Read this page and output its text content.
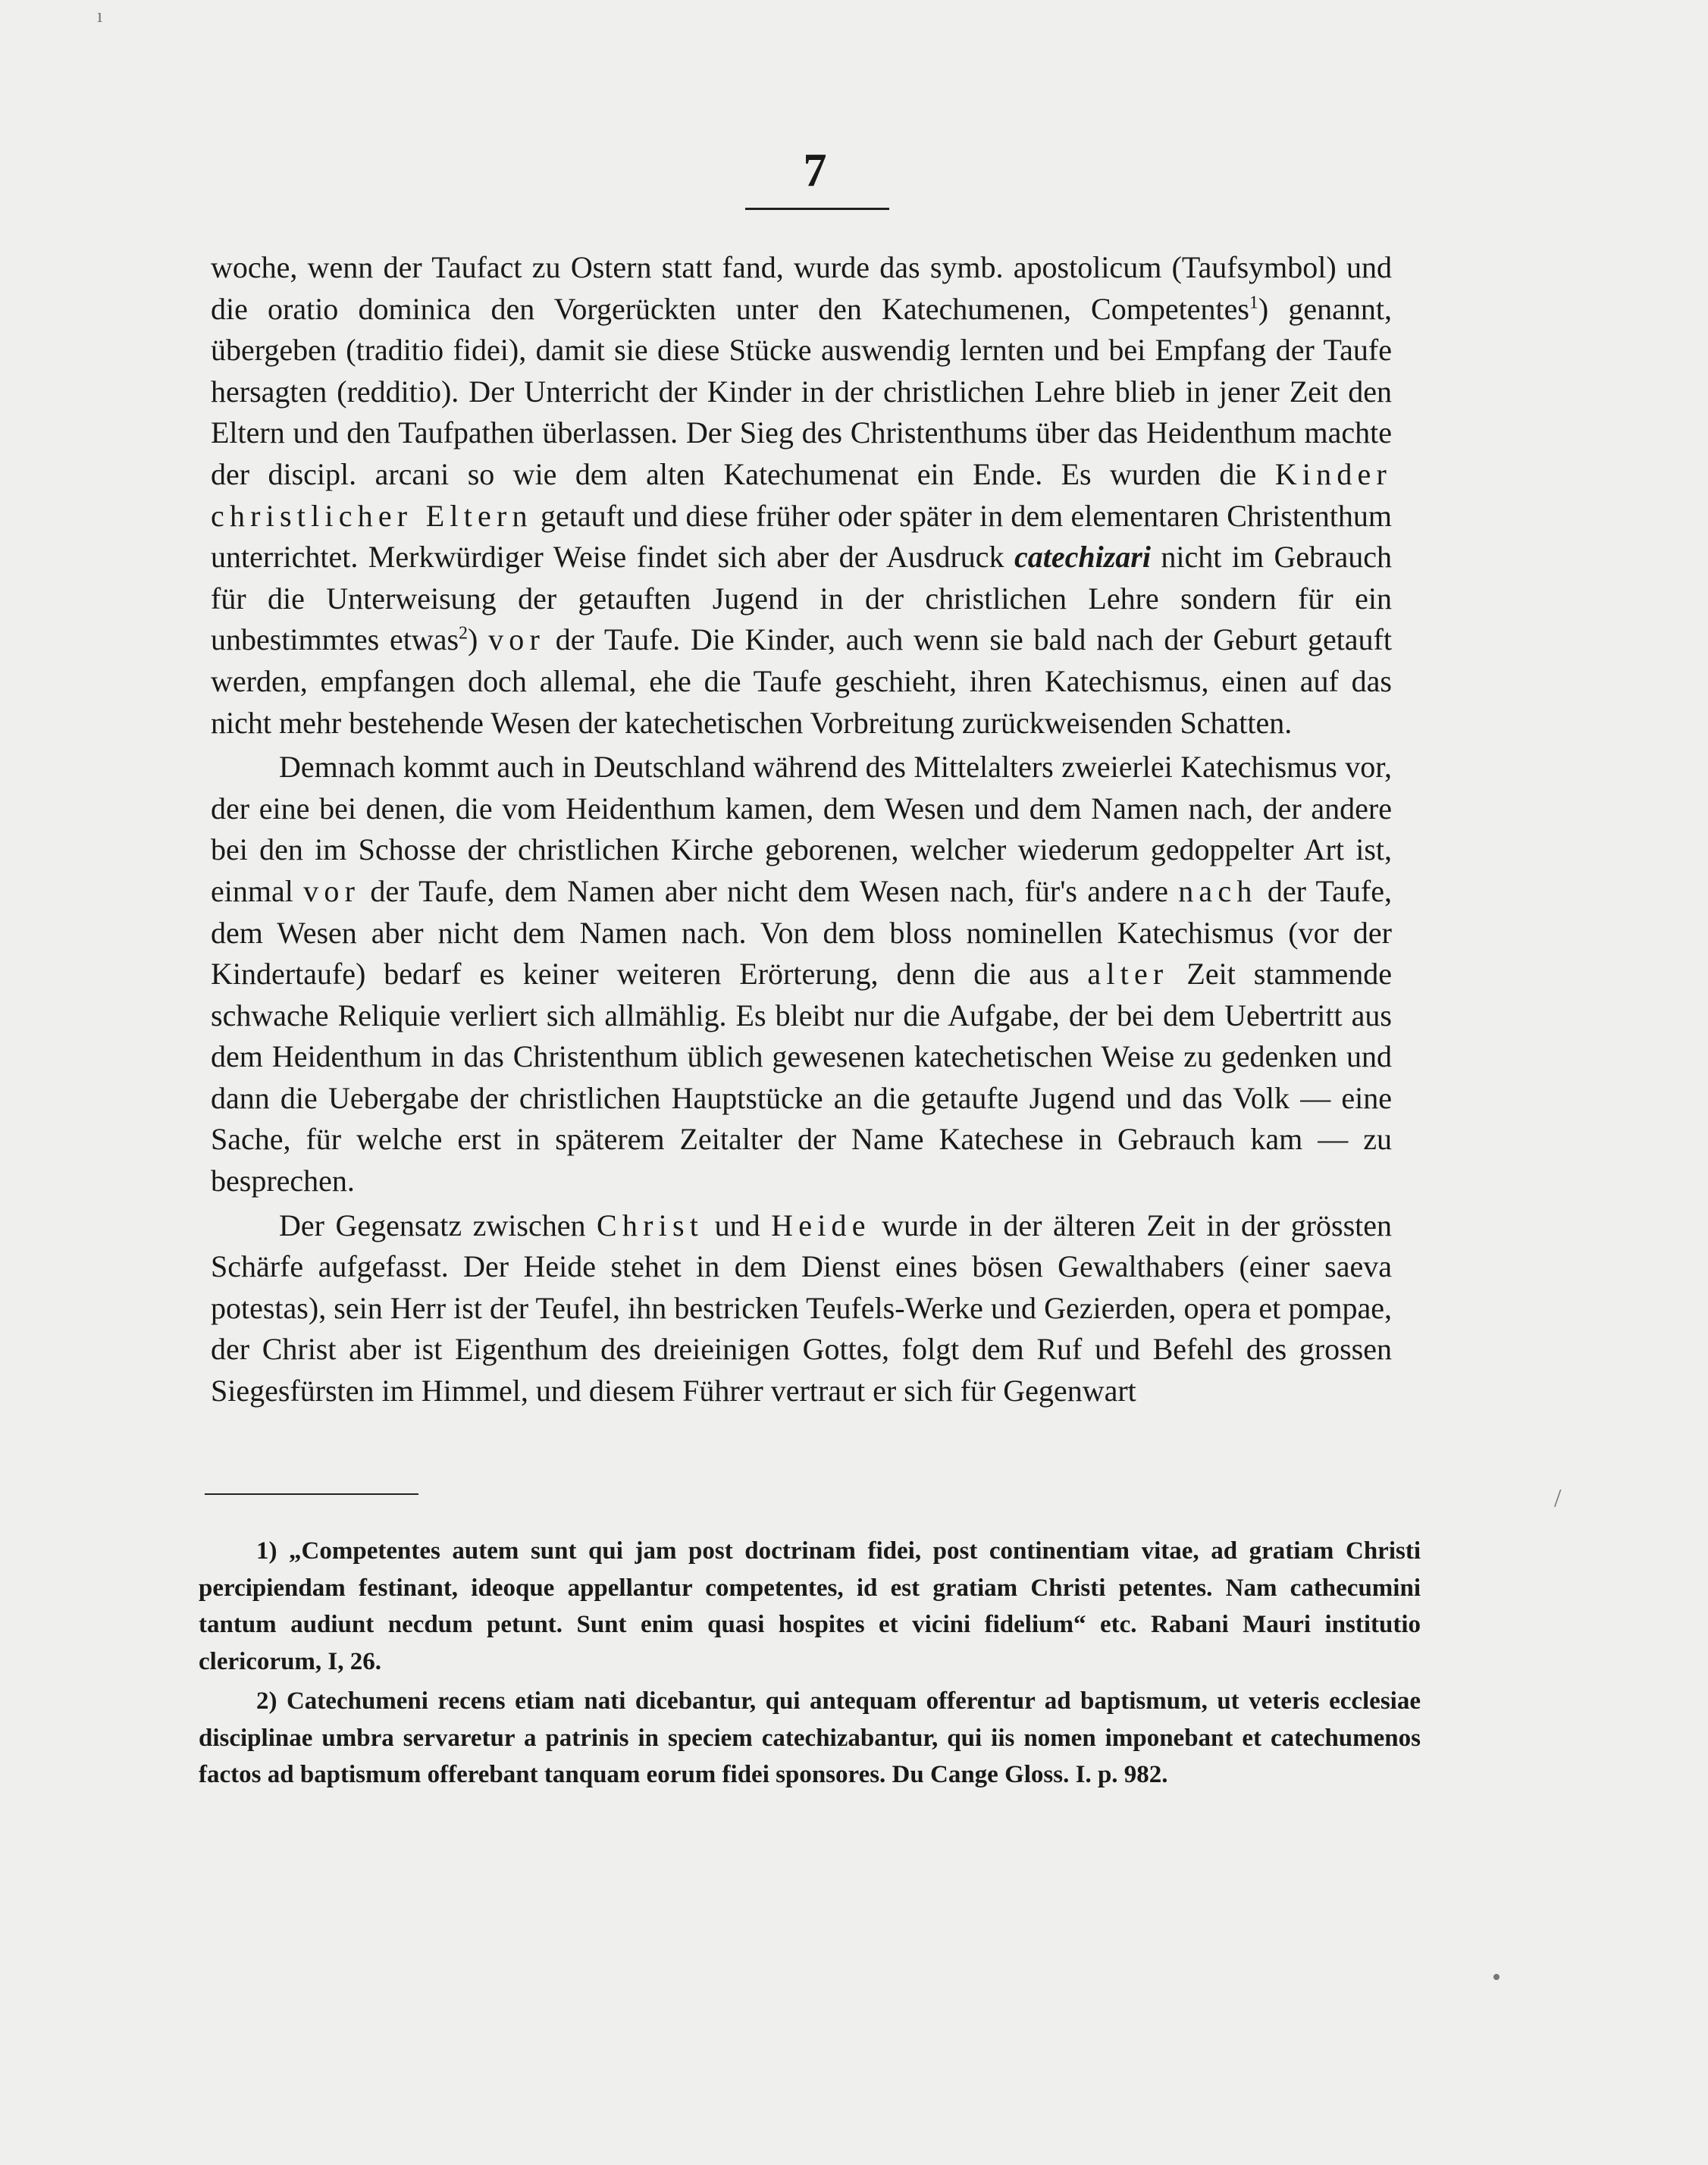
7

woche, wenn der Taufact zu Ostern statt fand, wurde das symb. apostolicum (Taufsymbol) und die oratio dominica den Vorgerückten unter den Katechumenen, Competentes$^1$) genannt, übergeben (traditio fidei), damit sie diese Stücke auswendig lernten und bei Empfang der Taufe hersagten (redditio). Der Unterricht der Kinder in der christlichen Lehre blieb in jener Zeit den Eltern und den Taufpathen überlassen. Der Sieg des Christenthums über das Heidenthum machte der discipl. arcani so wie dem alten Katechumenat ein Ende. Es wurden die Kinder christlicher Eltern getauft und diese früher oder später in dem elementaren Christenthum unterrichtet. Merkwürdiger Weise findet sich aber der Ausdruck catechizari nicht im Gebrauch für die Unterweisung der getauften Jugend in der christlichen Lehre sondern für ein unbestimmtes etwas$^2$) vor der Taufe. Die Kinder, auch wenn sie bald nach der Geburt getauft werden, empfangen doch allemal, ehe die Taufe geschieht, ihren Katechismus, einen auf das nicht mehr bestehende Wesen der katechetischen Vorbreitung zurückweisenden Schatten.

Demnach kommt auch in Deutschland während des Mittelalters zweierlei Katechismus vor, der eine bei denen, die vom Heidenthum kamen, dem Wesen und dem Namen nach, der andere bei den im Schosse der christlichen Kirche geborenen, welcher wiederum gedoppelter Art ist, einmal vor der Taufe, dem Namen aber nicht dem Wesen nach, für's andere nach der Taufe, dem Wesen aber nicht dem Namen nach. Von dem bloss nominellen Katechismus (vor der Kindertaufe) bedarf es keiner weiteren Erörterung, denn die aus alter Zeit stammende schwache Reliquie verliert sich allmählig. Es bleibt nur die Aufgabe, der bei dem Uebertritt aus dem Heidenthum in das Christenthum üblich gewesenen katechetischen Weise zu gedenken und dann die Uebergabe der christlichen Hauptstücke an die getaufte Jugend und das Volk — eine Sache, für welche erst in späterem Zeitalter der Name Katechese in Gebrauch kam — zu besprechen.

Der Gegensatz zwischen Christ und Heide wurde in der älteren Zeit in der grössten Schärfe aufgefasst. Der Heide stehet in dem Dienst eines bösen Gewalthabers (einer saeva potestas), sein Herr ist der Teufel, ihn bestricken Teufels-Werke und Gezierden, opera et pompae, der Christ aber ist Eigenthum des dreieinigen Gottes, folgt dem Ruf und Befehl des grossen Siegesfürsten im Himmel, und diesem Führer vertraut er sich für Gegenwart

1) „Competentes autem sunt qui jam post doctrinam fidei, post continentiam vitae, ad gratiam Christi percipiendam festinant, ideoque appellantur competentes, id est gratiam Christi petentes. Nam cathecumini tantum audiunt necdum petunt. Sunt enim quasi hospites et vicini fidelium“ etc. Rabani Mauri institutio clericorum, I, 26.

2) Catechumeni recens etiam nati dicebantur, qui antequam offerentur ad baptismum, ut veteris ecclesiae disciplinae umbra servaretur a patrinis in speciem catechizabantur, qui iis nomen imponebant et catechumenos factos ad baptismum offerebant tanquam eorum fidei sponsores. Du Cange Gloss. I. p. 982.

ı
/
•
